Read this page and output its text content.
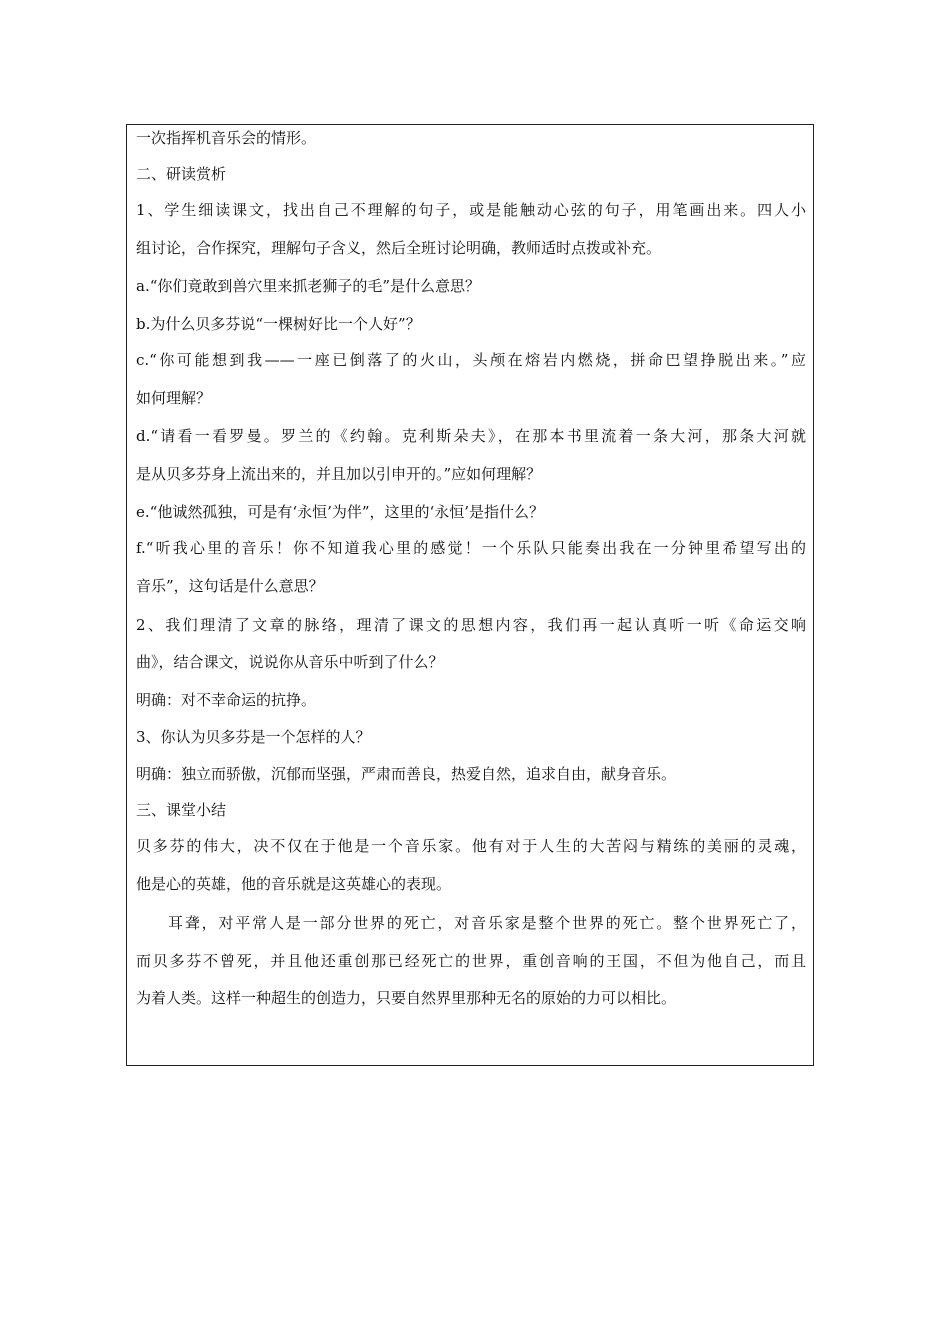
一次指挥机音乐会的情形。
二、研读赏析
1、学生细读课文，找出自己不理解的句子，或是能触动心弦的句子，用笔画出来。四人小
组讨论，合作探究，理解句子含义，然后全班讨论明确，教师适时点拨或补充。
a.“你们竟敢到兽穴里来抓老狮子的毛”是什么意思？
b.为什么贝多芬说“一棵树好比一个人好”？
c.“你可能想到我——一座已倒落了的火山，头颅在熔岩内燃烧，拼命巴望挣脱出来。”应
如何理解？
d.“请看一看罗曼。罗兰的《约翰。克利斯朵夫》，在那本书里流着一条大河，那条大河就
是从贝多芬身上流出来的，并且加以引申开的。”应如何理解？
e.“他诚然孤独，可是有‘永恒’为伴”，这里的‘永恒’是指什么？
f.“听我心里的音乐！你不知道我心里的感觉！一个乐队只能奏出我在一分钟里希望写出的
音乐”，这句话是什么意思？
2、我们理清了文章的脉络，理清了课文的思想内容，我们再一起认真听一听《命运交响
曲》，结合课文，说说你从音乐中听到了什么？
明确：对不幸命运的抗挣。
3、你认为贝多芬是一个怎样的人？
明确：独立而骄傲，沉郁而坚强，严肃而善良，热爱自然，追求自由，献身音乐。
三、课堂小结
贝多芬的伟大，决不仅在于他是一个音乐家。他有对于人生的大苦闷与精练的美丽的灵魂，
他是心的英雄，他的音乐就是这英雄心的表现。
耳聋，对平常人是一部分世界的死亡，对音乐家是整个世界的死亡。整个世界死亡了，
而贝多芬不曾死，并且他还重创那已经死亡的世界，重创音响的王国，不但为他自己，而且
为着人类。这样一种超生的创造力，只要自然界里那种无名的原始的力可以相比。
